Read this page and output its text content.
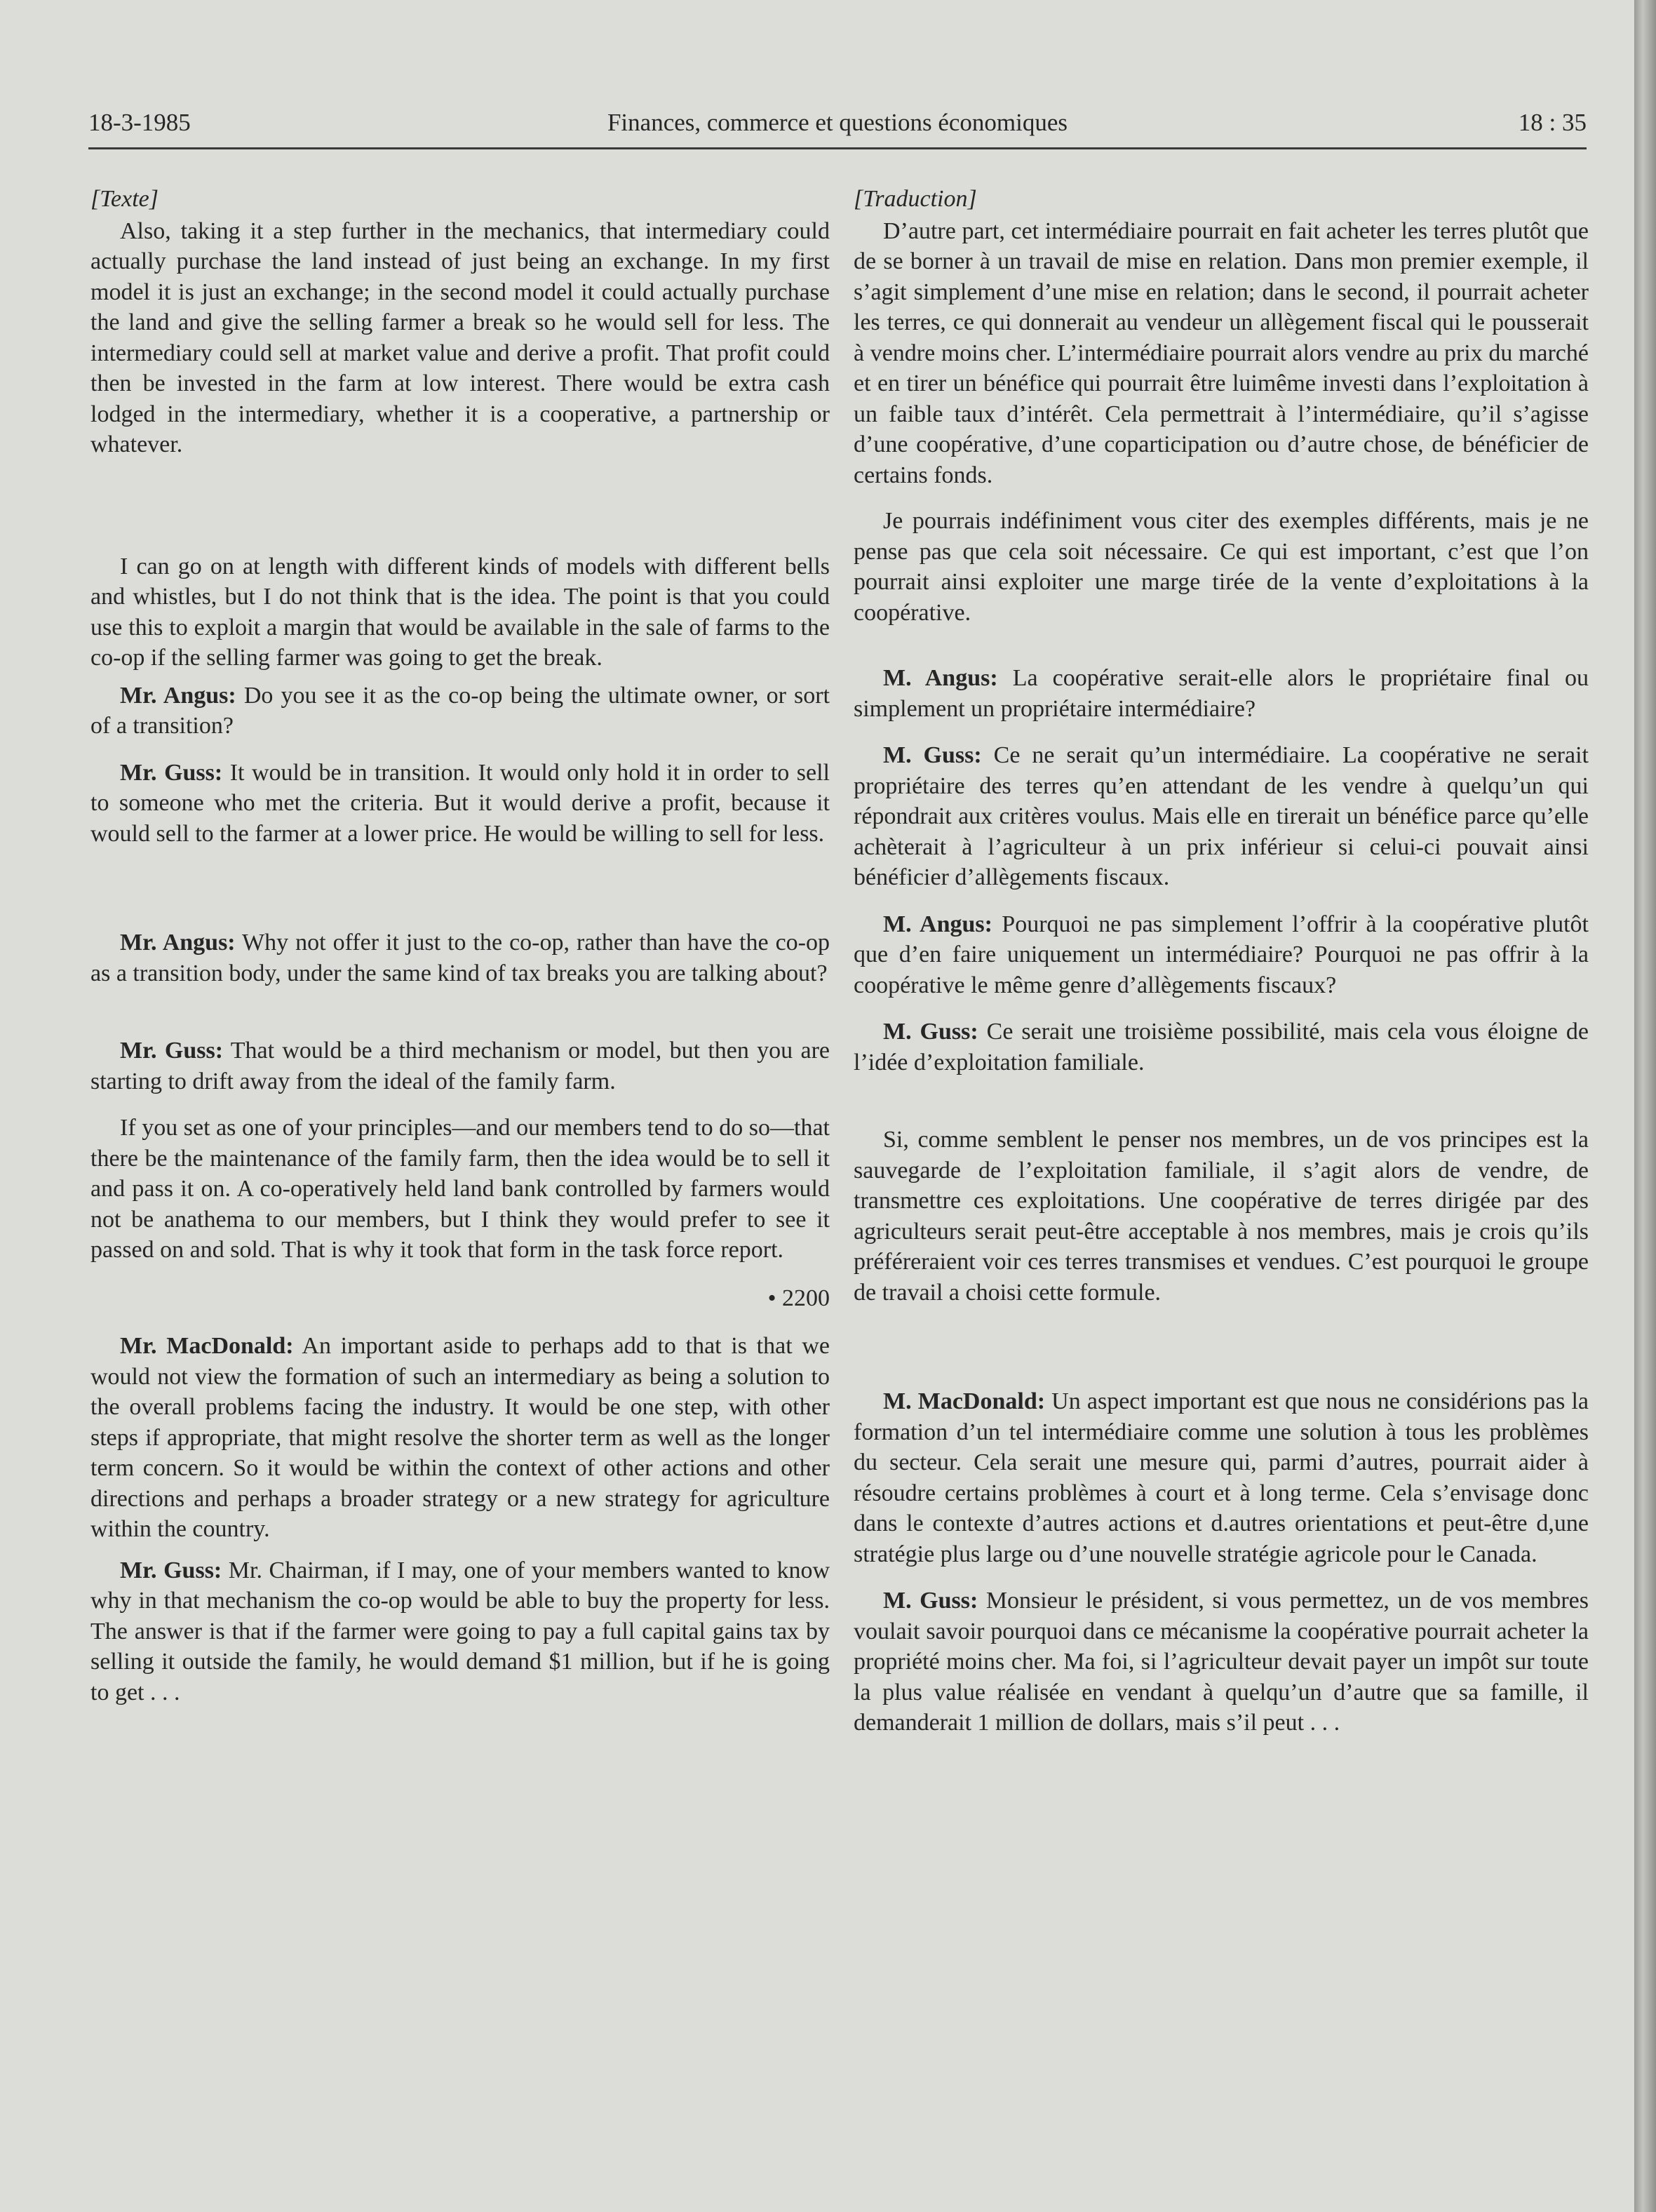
Finances, commerce et questions économiques
18-3-1985	18 : 35

[Texte]

Also, taking it a step further in the mechanics, that intermediary could actually purchase the land instead of just being an exchange. In my first model it is just an exchange; in the second model it could actually purchase the land and give the selling farmer a break so he would sell for less. The intermediary could sell at market value and derive a profit. That profit could then be invested in the farm at low interest. There would be extra cash lodged in the intermediary, whether it is a cooperative, a partnership or whatever.

I can go on at length with different kinds of models with different bells and whistles, but I do not think that is the idea. The point is that you could use this to exploit a margin that would be available in the sale of farms to the co-op if the selling farmer was going to get the break.

Mr. Angus: Do you see it as the co-op being the ultimate owner, or sort of a transition?

Mr. Guss: It would be in transition. It would only hold it in order to sell to someone who met the criteria. But it would derive a profit, because it would sell to the farmer at a lower price. He would be willing to sell for less.

Mr. Angus: Why not offer it just to the co-op, rather than have the co-op as a transition body, under the same kind of tax breaks you are talking about?

Mr. Guss: That would be a third mechanism or model, but then you are starting to drift away from the ideal of the family farm.

If you set as one of your principles—and our members tend to do so—that there be the maintenance of the family farm, then the idea would be to sell it and pass it on. A co-operatively held land bank controlled by farmers would not be anathema to our members, but I think they would prefer to see it passed on and sold. That is why it took that form in the task force report.

• 2200

Mr. MacDonald: An important aside to perhaps add to that is that we would not view the formation of such an intermediary as being a solution to the overall problems facing the industry. It would be one step, with other steps if appropriate, that might resolve the shorter term as well as the longer term concern. So it would be within the context of other actions and other directions and perhaps a broader strategy or a new strategy for agriculture within the country.

Mr. Guss: Mr. Chairman, if I may, one of your members wanted to know why in that mechanism the co-op would be able to buy the property for less. The answer is that if the farmer were going to pay a full capital gains tax by selling it outside the family, he would demand $1 million, but if he is going to get . . .

[Traduction]

D’autre part, cet intermédiaire pourrait en fait acheter les terres plutôt que de se borner à un travail de mise en relation. Dans mon premier exemple, il s’agit simplement d’une mise en relation; dans le second, il pourrait acheter les terres, ce qui donnerait au vendeur un allègement fiscal qui le pousserait à vendre moins cher. L’intermédiaire pourrait alors vendre au prix du marché et en tirer un bénéfice qui pourrait être luimême investi dans l’exploitation à un faible taux d’intérêt. Cela permettrait à l’intermédiaire, qu’il s’agisse d’une coopérative, d’une coparticipation ou d’autre chose, de bénéficier de certains fonds.

Je pourrais indéfiniment vous citer des exemples différents, mais je ne pense pas que cela soit nécessaire. Ce qui est important, c’est que l’on pourrait ainsi exploiter une marge tirée de la vente d’exploitations à la coopérative.

M. Angus: La coopérative serait-elle alors le propriétaire final ou simplement un propriétaire intermédiaire?

M. Guss: Ce ne serait qu’un intermédiaire. La coopérative ne serait propriétaire des terres qu’en attendant de les vendre à quelqu’un qui répondrait aux critères voulus. Mais elle en tirerait un bénéfice parce qu’elle achèterait à l’agriculteur à un prix inférieur si celui-ci pouvait ainsi bénéficier d’allègements fiscaux.

M. Angus: Pourquoi ne pas simplement l’offrir à la coopérative plutôt que d’en faire uniquement un intermédiaire? Pourquoi ne pas offrir à la coopérative le même genre d’allègements fiscaux?

M. Guss: Ce serait une troisième possibilité, mais cela vous éloigne de l’idée d’exploitation familiale.

Si, comme semblent le penser nos membres, un de vos principes est la sauvegarde de l’exploitation familiale, il s’agit alors de vendre, de transmettre ces exploitations. Une coopérative de terres dirigée par des agriculteurs serait peut-être acceptable à nos membres, mais je crois qu’ils préféreraient voir ces terres transmises et vendues. C’est pourquoi le groupe de travail a choisi cette formule.

M. MacDonald: Un aspect important est que nous ne considérions pas la formation d’un tel intermédiaire comme une solution à tous les problèmes du secteur. Cela serait une mesure qui, parmi d’autres, pourrait aider à résoudre certains problèmes à court et à long terme. Cela s’envisage donc dans le contexte d’autres actions et d.autres orientations et peut-être d,une stratégie plus large ou d’une nouvelle stratégie agricole pour le Canada.

M. Guss: Monsieur le président, si vous permettez, un de vos membres voulait savoir pourquoi dans ce mécanisme la coopérative pourrait acheter la propriété moins cher. Ma foi, si l’agriculteur devait payer un impôt sur toute la plus value réalisée en vendant à quelqu’un d’autre que sa famille, il demanderait 1 million de dollars, mais s’il peut . . .
